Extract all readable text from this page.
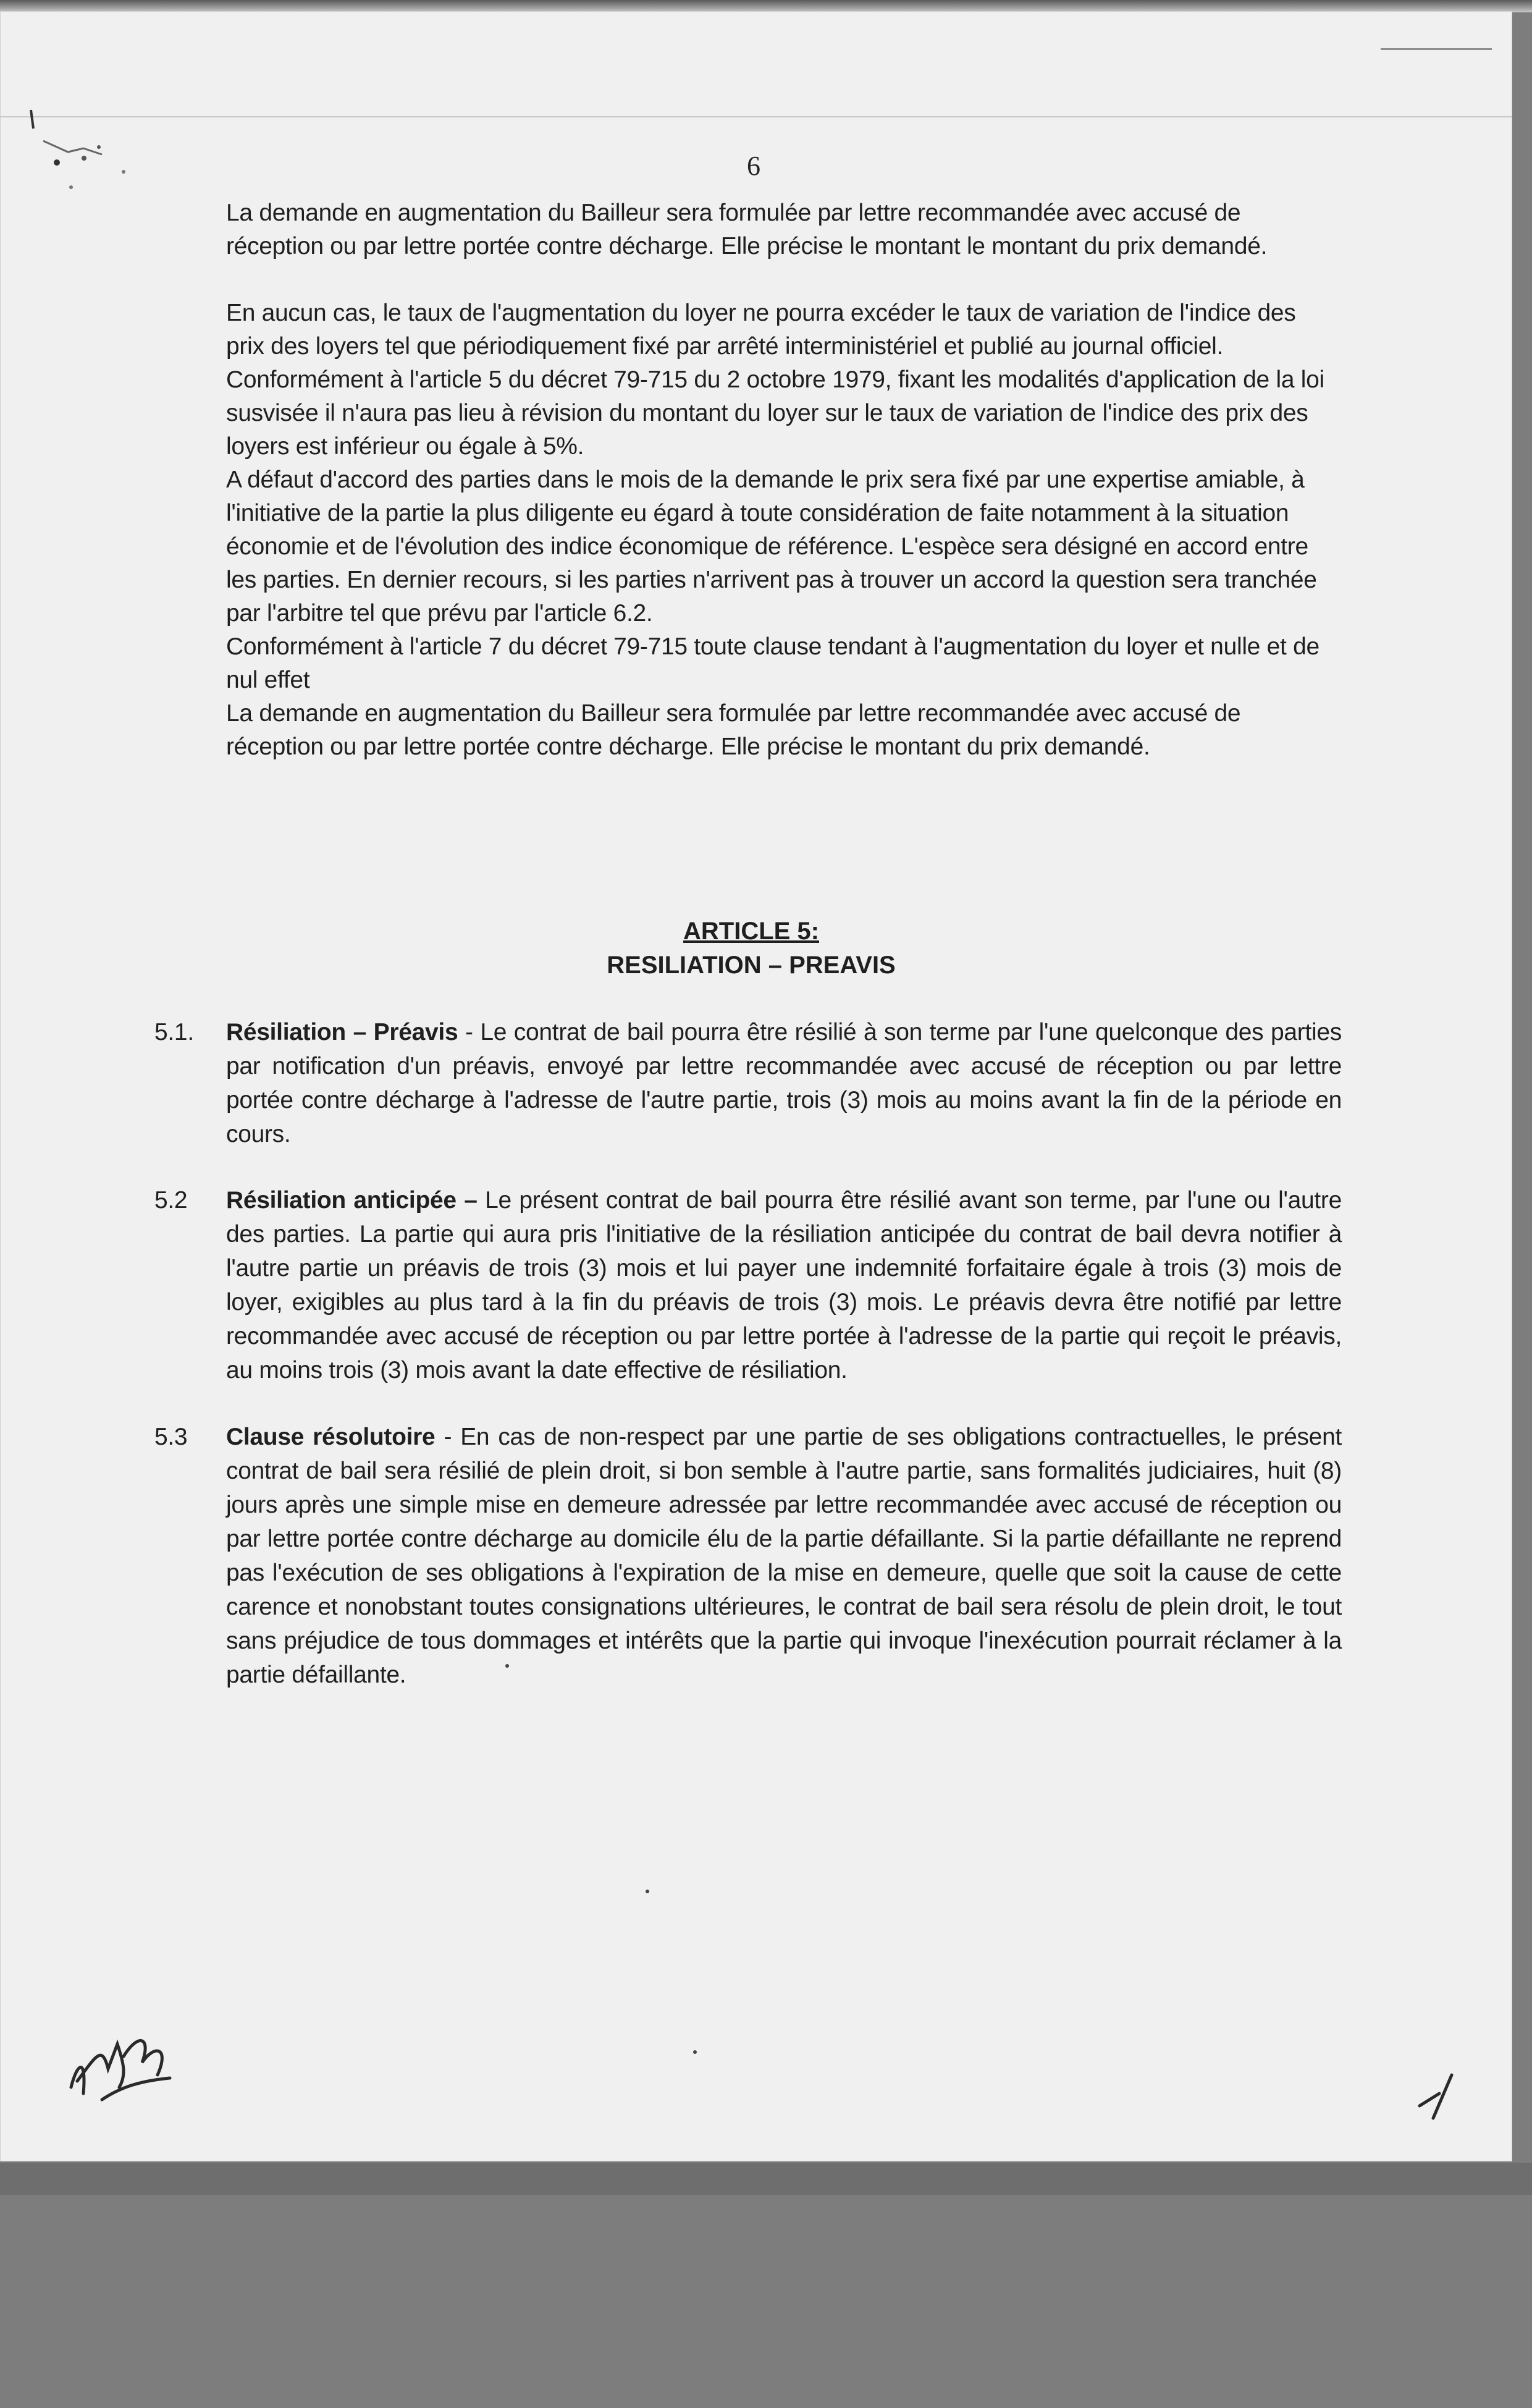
6

La demande en augmentation du Bailleur sera formulée par lettre recommandée avec accusé de réception ou par lettre portée contre décharge. Elle précise le montant le montant du prix demandé.

En aucun cas, le taux de l'augmentation du loyer ne pourra excéder le taux de variation de l'indice des prix des loyers tel que périodiquement fixé par arrêté interministériel et publié au journal officiel.

Conformément à l'article 5 du décret 79-715 du 2 octobre 1979, fixant les modalités d'application de la loi susvisée il n'aura pas lieu à révision du montant du loyer sur le taux de variation de l'indice des prix des loyers est inférieur ou égale à 5%.

A défaut d'accord des parties dans le mois de la demande le prix sera fixé par une expertise amiable, à l'initiative de la partie la plus diligente eu égard à toute considération de faite notamment à la situation économie et de l'évolution des indice économique de référence. L'espèce sera désigné en accord entre les parties. En dernier recours, si les parties n'arrivent pas à trouver un accord la question sera tranchée par l'arbitre tel que prévu par l'article 6.2.

Conformément à l'article 7 du décret 79-715 toute clause tendant à l'augmentation du loyer et nulle et de nul effet

La demande en augmentation du Bailleur sera formulée par lettre recommandée avec accusé de réception ou par lettre portée contre décharge. Elle précise le montant du prix demandé.

ARTICLE 5:
RESILIATION – PREAVIS
5.1. Résiliation – Préavis - Le contrat de bail pourra être résilié à son terme par l'une quelconque des parties par notification d'un préavis, envoyé par lettre recommandée avec accusé de réception ou par lettre portée contre décharge à l'adresse de l'autre partie, trois (3) mois au moins avant la fin de la période en cours.
5.2 Résiliation anticipée – Le présent contrat de bail pourra être résilié avant son terme, par l'une ou l'autre des parties. La partie qui aura pris l'initiative de la résiliation anticipée du contrat de bail devra notifier à l'autre partie un préavis de trois (3) mois et lui payer une indemnité forfaitaire égale à trois (3) mois de loyer, exigibles au plus tard à la fin du préavis de trois (3) mois. Le préavis devra être notifié par lettre recommandée avec accusé de réception ou par lettre portée à l'adresse de la partie qui reçoit le préavis, au moins trois (3) mois avant la date effective de résiliation.
5.3 Clause résolutoire - En cas de non-respect par une partie de ses obligations contractuelles, le présent contrat de bail sera résilié de plein droit, si bon semble à l'autre partie, sans formalités judiciaires, huit (8) jours après une simple mise en demeure adressée par lettre recommandée avec accusé de réception ou par lettre portée contre décharge au domicile élu de la partie défaillante. Si la partie défaillante ne reprend pas l'exécution de ses obligations à l'expiration de la mise en demeure, quelle que soit la cause de cette carence et nonobstant toutes consignations ultérieures, le contrat de bail sera résolu de plein droit, le tout sans préjudice de tous dommages et intérêts que la partie qui invoque l'inexécution pourrait réclamer à la partie défaillante.
